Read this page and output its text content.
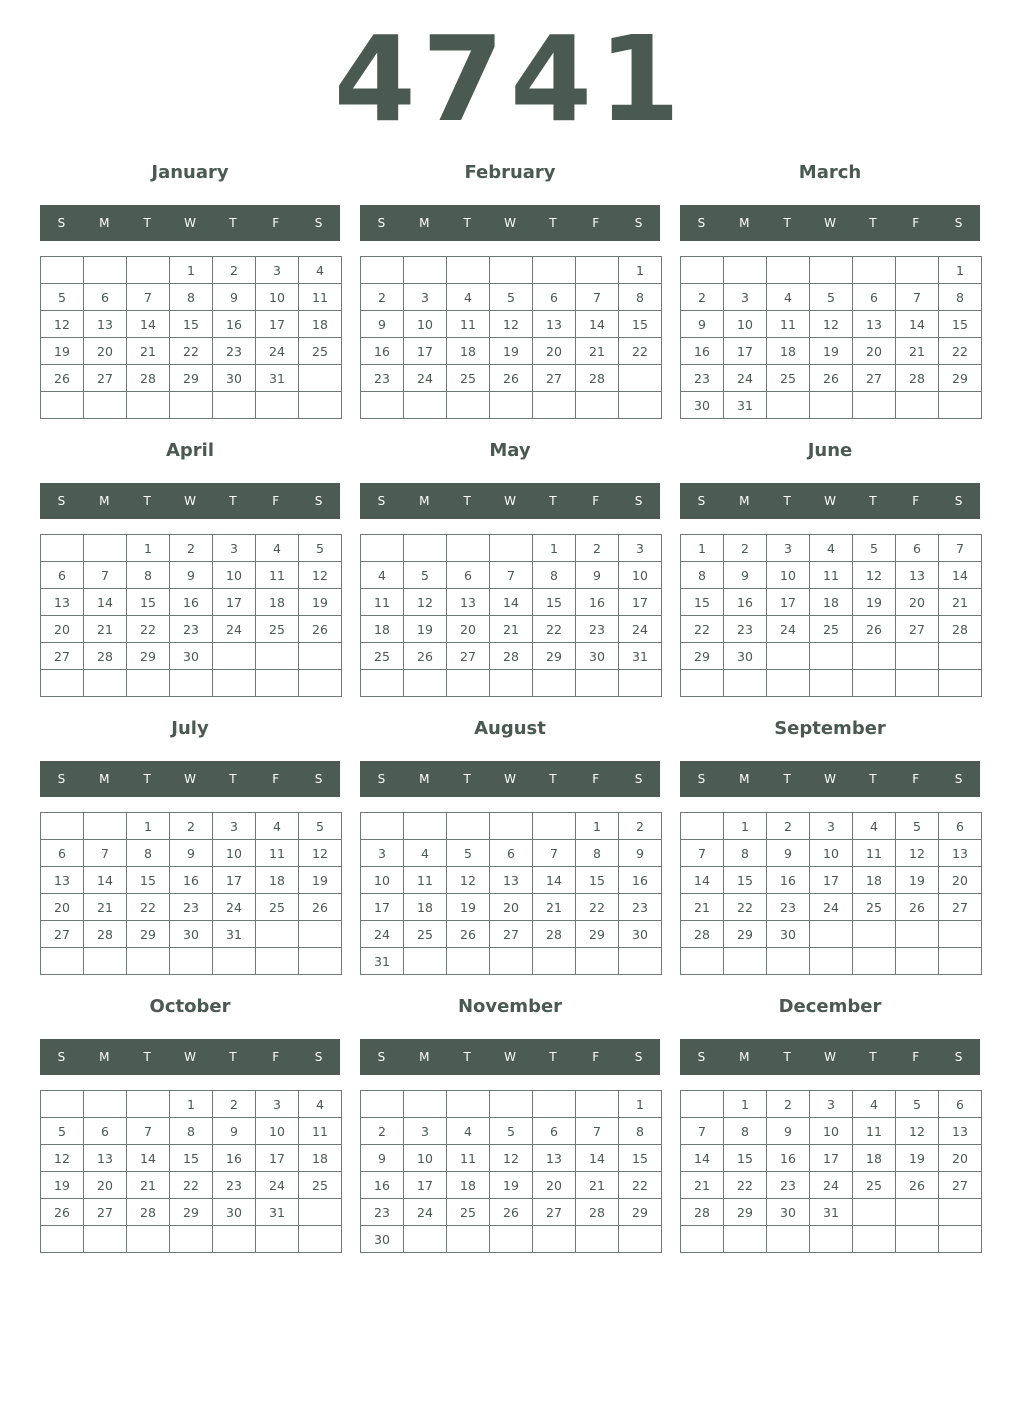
4741
January
S	M	T	W	T	F	S
			1	2	3	4
5	6	7	8	9	10	11
12	13	14	15	16	17	18
19	20	21	22	23	24	25
26	27	28	29	30	31	

February
S	M	T	W	T	F	S
						1
2	3	4	5	6	7	8
9	10	11	12	13	14	15
16	17	18	19	20	21	22
23	24	25	26	27	28	

March
S	M	T	W	T	F	S
						1
2	3	4	5	6	7	8
9	10	11	12	13	14	15
16	17	18	19	20	21	22
23	24	25	26	27	28	29
30	31					
April
S	M	T	W	T	F	S
		1	2	3	4	5
6	7	8	9	10	11	12
13	14	15	16	17	18	19
20	21	22	23	24	25	26
27	28	29	30			

May
S	M	T	W	T	F	S
				1	2	3
4	5	6	7	8	9	10
11	12	13	14	15	16	17
18	19	20	21	22	23	24
25	26	27	28	29	30	31

June
S	M	T	W	T	F	S
1	2	3	4	5	6	7
8	9	10	11	12	13	14
15	16	17	18	19	20	21
22	23	24	25	26	27	28
29	30					

July
S	M	T	W	T	F	S
		1	2	3	4	5
6	7	8	9	10	11	12
13	14	15	16	17	18	19
20	21	22	23	24	25	26
27	28	29	30	31		

August
S	M	T	W	T	F	S
					1	2
3	4	5	6	7	8	9
10	11	12	13	14	15	16
17	18	19	20	21	22	23
24	25	26	27	28	29	30
31						
September
S	M	T	W	T	F	S
	1	2	3	4	5	6
7	8	9	10	11	12	13
14	15	16	17	18	19	20
21	22	23	24	25	26	27
28	29	30				

October
S	M	T	W	T	F	S
			1	2	3	4
5	6	7	8	9	10	11
12	13	14	15	16	17	18
19	20	21	22	23	24	25
26	27	28	29	30	31	

November
S	M	T	W	T	F	S
						1
2	3	4	5	6	7	8
9	10	11	12	13	14	15
16	17	18	19	20	21	22
23	24	25	26	27	28	29
30						
December
S	M	T	W	T	F	S
	1	2	3	4	5	6
7	8	9	10	11	12	13
14	15	16	17	18	19	20
21	22	23	24	25	26	27
28	29	30	31			
